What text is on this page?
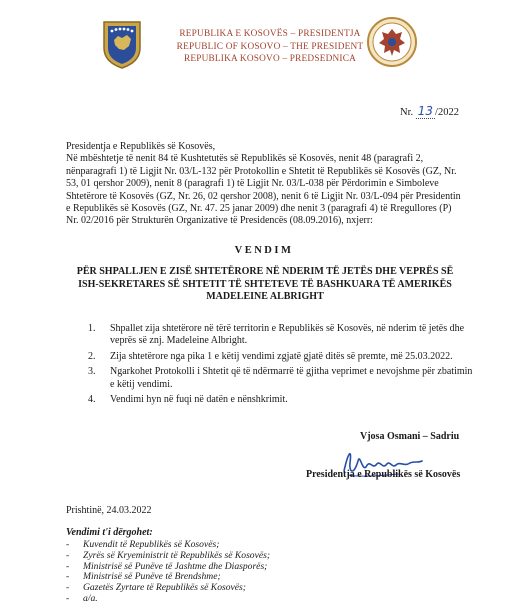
REPUBLIKA E KOSOVËS – PRESIDENTJA
REPUBLIC OF KOSOVO – THE PRESIDENT
REPUBLIKA KOSOVO – PREDSEDNICA
Nr. 13 /2022
Presidentja e Republikës së Kosovës,
Në mbështetje të nenit 84 të Kushtetutës së Republikës së Kosovës, nenit 48 (paragrafi 2,
nënparagrafi 1) të Ligjit Nr. 03/L-132 për Protokollin e Shtetit të Republikës së Kosovës (GZ, Nr.
53, 01 qershor 2009), nenit 8 (paragrafi 1) të Ligjit Nr. 03/L-038 për Përdorimin e Simboleve
Shtetërore të Kosovës (GZ, Nr. 26, 02 qershor 2008), nenit 6 të Ligjit Nr. 03/L-094 për Presidentin
e Republikës së Kosovës (GZ, Nr. 47. 25 janar 2009) dhe nenit 3 (paragrafi 4) të Rregullores (P)
Nr. 02/2016 për Strukturën Organizative të Presidencës (08.09.2016), nxjerr:
VENDIM
PËR SHPALLJEN E ZISË SHTETËRORE NË NDERIM TË JETËS DHE VEPRËS SË
ISH-SEKRETARES SË SHTETIT TË SHTETEVE TË BASHKUARA TË AMERIKËS
MADELEINE ALBRIGHT
1. Shpallet zija shtetërore në tërë territorin e Republikës së Kosovës, në nderim të jetës dhe
veprës së znj. Madeleine Albright.
2. Zija shtetërore nga pika 1 e këtij vendimi zgjatë gjatë ditës së premte, më 25.03.2022.
3. Ngarkohet Protokolli i Shtetit që të ndërmarrë të gjitha veprimet e nevojshme për zbatimin
e këtij vendimi.
4. Vendimi hyn në fuqi në datën e nënshkrimit.
Vjosa Osmani – Sadriu
Presidentja e Republikës së Kosovës
Prishtinë, 24.03.2022
Vendimi t'i dërgohet:
- Kuvendit të Republikës së Kosovës;
- Zyrës së Kryeministrit të Republikës së Kosovës;
- Ministrisë së Punëve të Jashtme dhe Diasporës;
- Ministrisë së Punëve të Brendshme;
- Gazetës Zyrtare të Republikës së Kosovës;
- a/a.
